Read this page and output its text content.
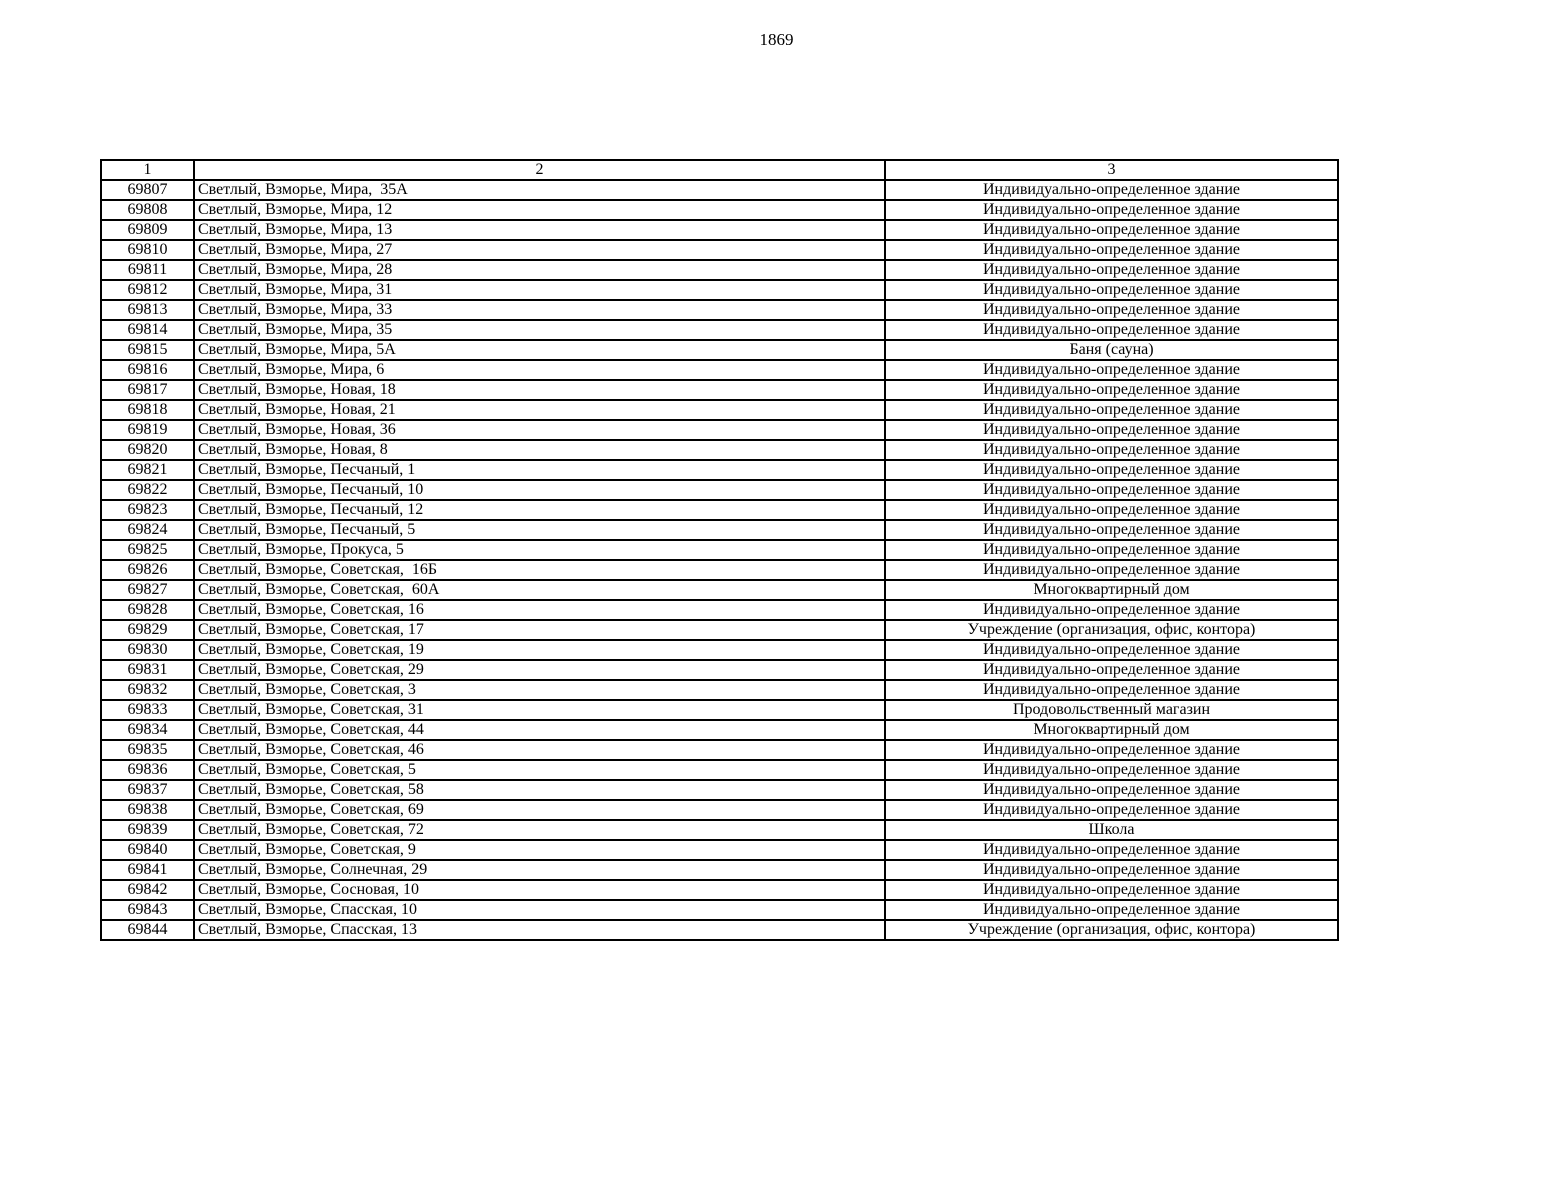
1869
1	2	3
69807	Светлый, Взморье, Мира,  35А	Индивидуально-определенное здание
69808	Светлый, Взморье, Мира, 12	Индивидуально-определенное здание
69809	Светлый, Взморье, Мира, 13	Индивидуально-определенное здание
69810	Светлый, Взморье, Мира, 27	Индивидуально-определенное здание
69811	Светлый, Взморье, Мира, 28	Индивидуально-определенное здание
69812	Светлый, Взморье, Мира, 31	Индивидуально-определенное здание
69813	Светлый, Взморье, Мира, 33	Индивидуально-определенное здание
69814	Светлый, Взморье, Мира, 35	Индивидуально-определенное здание
69815	Светлый, Взморье, Мира, 5А	Баня (сауна)
69816	Светлый, Взморье, Мира, 6	Индивидуально-определенное здание
69817	Светлый, Взморье, Новая, 18	Индивидуально-определенное здание
69818	Светлый, Взморье, Новая, 21	Индивидуально-определенное здание
69819	Светлый, Взморье, Новая, 36	Индивидуально-определенное здание
69820	Светлый, Взморье, Новая, 8	Индивидуально-определенное здание
69821	Светлый, Взморье, Песчаный, 1	Индивидуально-определенное здание
69822	Светлый, Взморье, Песчаный, 10	Индивидуально-определенное здание
69823	Светлый, Взморье, Песчаный, 12	Индивидуально-определенное здание
69824	Светлый, Взморье, Песчаный, 5	Индивидуально-определенное здание
69825	Светлый, Взморье, Прокуса, 5	Индивидуально-определенное здание
69826	Светлый, Взморье, Советская,  16Б	Индивидуально-определенное здание
69827	Светлый, Взморье, Советская,  60А	Многоквартирный дом
69828	Светлый, Взморье, Советская, 16	Индивидуально-определенное здание
69829	Светлый, Взморье, Советская, 17	Учреждение (организация, офис, контора)
69830	Светлый, Взморье, Советская, 19	Индивидуально-определенное здание
69831	Светлый, Взморье, Советская, 29	Индивидуально-определенное здание
69832	Светлый, Взморье, Советская, 3	Индивидуально-определенное здание
69833	Светлый, Взморье, Советская, 31	Продовольственный магазин
69834	Светлый, Взморье, Советская, 44	Многоквартирный дом
69835	Светлый, Взморье, Советская, 46	Индивидуально-определенное здание
69836	Светлый, Взморье, Советская, 5	Индивидуально-определенное здание
69837	Светлый, Взморье, Советская, 58	Индивидуально-определенное здание
69838	Светлый, Взморье, Советская, 69	Индивидуально-определенное здание
69839	Светлый, Взморье, Советская, 72	Школа
69840	Светлый, Взморье, Советская, 9	Индивидуально-определенное здание
69841	Светлый, Взморье, Солнечная, 29	Индивидуально-определенное здание
69842	Светлый, Взморье, Сосновая, 10	Индивидуально-определенное здание
69843	Светлый, Взморье, Спасская, 10	Индивидуально-определенное здание
69844	Светлый, Взморье, Спасская, 13	Учреждение (организация, офис, контора)
